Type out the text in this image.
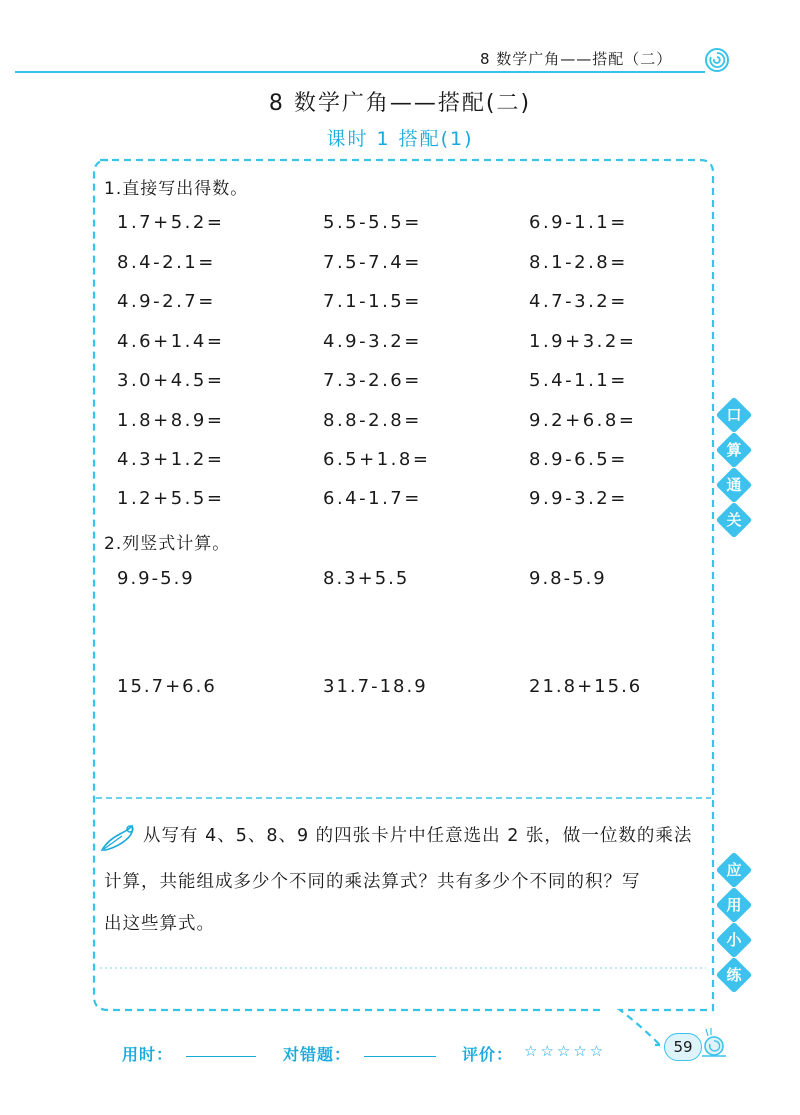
8 数学广角——搭配（二）
8 数学广角——搭配(二)
课时 1 搭配(1)
1.直接写出得数。
1.7+5.2=	5.5-5.5=	6.9-1.1=
8.4-2.1=	7.5-7.4=	8.1-2.8=
4.9-2.7=	7.1-1.5=	4.7-3.2=
4.6+1.4=	4.9-3.2=	1.9+3.2=
3.0+4.5=	7.3-2.6=	5.4-1.1=
1.8+8.9=	8.8-2.8=	9.2+6.8=
4.3+1.2=	6.5+1.8=	8.9-6.5=
1.2+5.5=	6.4-1.7=	9.9-3.2=
2.列竖式计算。
9.9-5.9	8.3+5.5	9.8-5.9
15.7+6.6	31.7-18.9	21.8+15.6
从写有 4、5、8、9 的四张卡片中任意选出 2 张，做一位数的乘法
计算，共能组成多少个不同的乘法算式？共有多少个不同的积？写
出这些算式。
口
算
通
关
应
用
小
练
用时：	对错题：	评价： ☆☆☆☆☆	59
